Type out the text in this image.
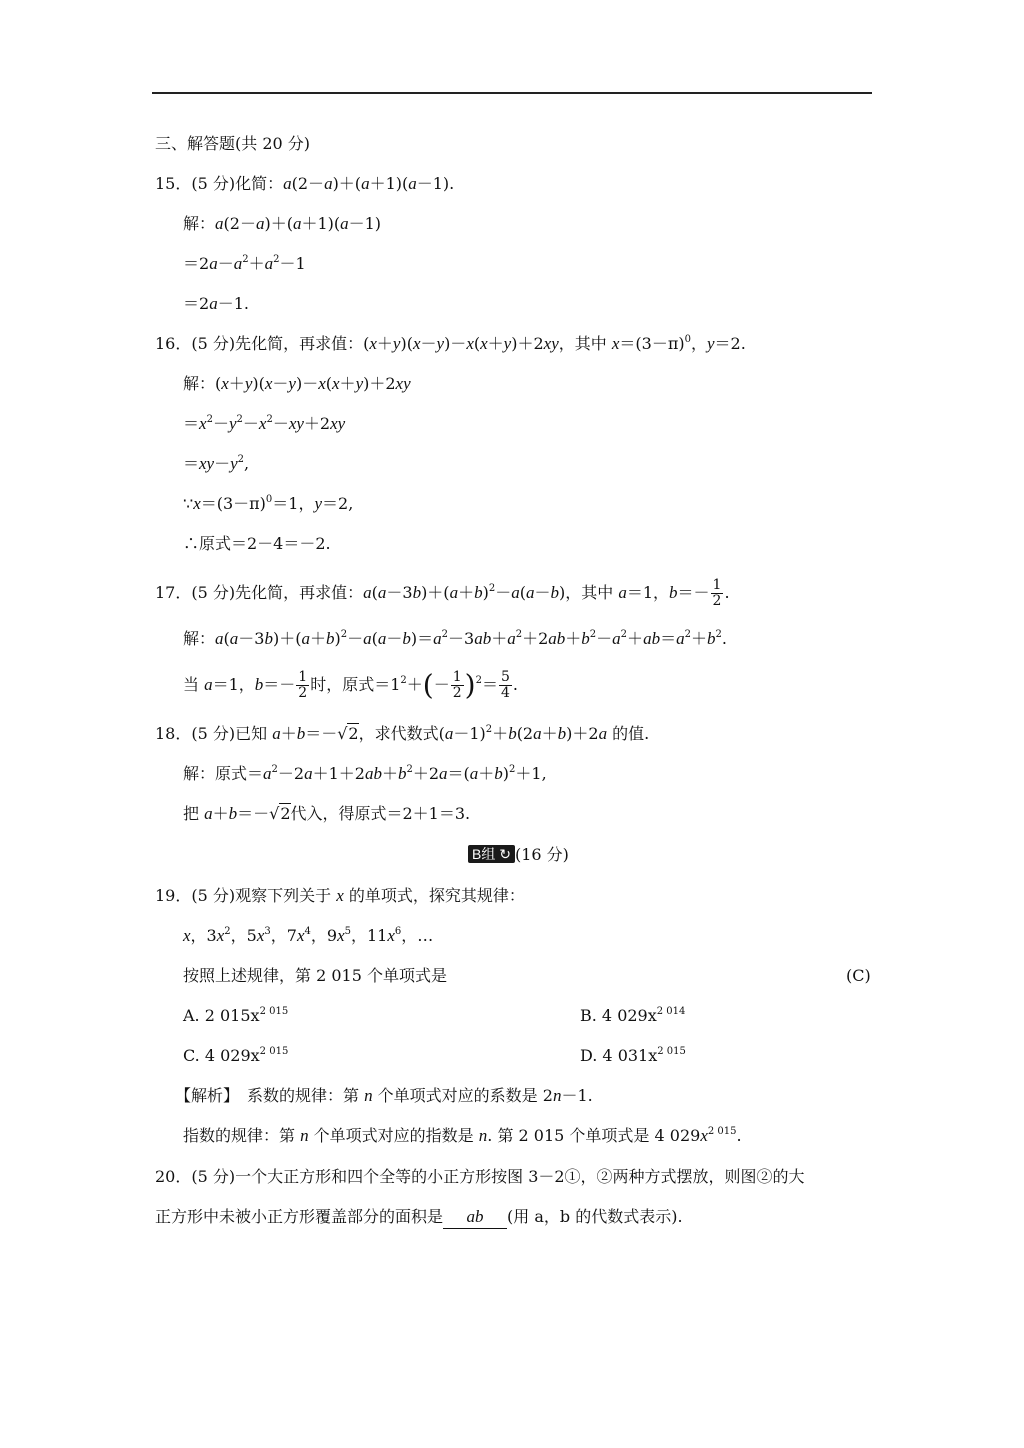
三、解答题(共 20 分)
15．(5 分)化简：a(2－a)＋(a＋1)(a－1).
解：a(2－a)＋(a＋1)(a－1)
$=2a-a^2+a^2-1$
＝2a－1.
16．(5 分)先化简，再求值：(x＋y)(x－y)－x(x＋y)＋2xy，其中 $x=(3-\pi)^0$，y＝2.
解：(x＋y)(x－y)－x(x＋y)＋2xy
$=x^2-y^2-x^2-xy+2xy$
$=xy-y^2$,
$\because x=(3-\pi)^0=1$，y＝2,
∴原式＝2－4＝－2.
17．(5 分)先化简，再求值：$a(a-3b)+(a+b)^2-a(a-b)$，其中 a＝1，$b=- \frac{1}{2}$ .
解：$a(a-3b)+(a+b)^2-a(a-b)=a^2-3ab+a^2+2ab+b^2-a^2+ab=a^2+b^2$.
当 a＝1，$b=- \frac{1}{2}$ 时，原式$=1^2+(- \frac{1}{2} )^2= \frac{5}{4}$ .
18．(5 分)已知 a＋b＝－√2，求代数式$(a-1)^2+b(2a+b)+2a$ 的值.
解：原式$=a^2-2a+1+2ab+b^2+2a=(a+b)^2+1$,
把 a＋b＝－√2代入，得原式＝2＋1＝3.
B组 ↻ (16 分)
19．(5 分)观察下列关于 x 的单项式，探究其规律：
x，$3x^2$，$5x^3$，$7x^4$，$9x^5$，$11x^6$，…
按照上述规律，第 2 015 个单项式是	(C)
A. 2 $015x^{2 015}$	B. 4 $029x^{2 014}$
C. 4 $029x^{2 015}$	D. 4 $031x^{2 015}$
【解析】　系数的规律：第 n 个单项式对应的系数是 2n－1.
指数的规律：第 n 个单项式对应的指数是 n. 第 2 015 个单项式是 4 $029x^{2 015}$.
20．(5 分)一个大正方形和四个全等的小正方形按图 3－2①，②两种方式摆放，则图②的大
正方形中未被小正方形覆盖部分的面积是 ab (用 a，b 的代数式表示).
